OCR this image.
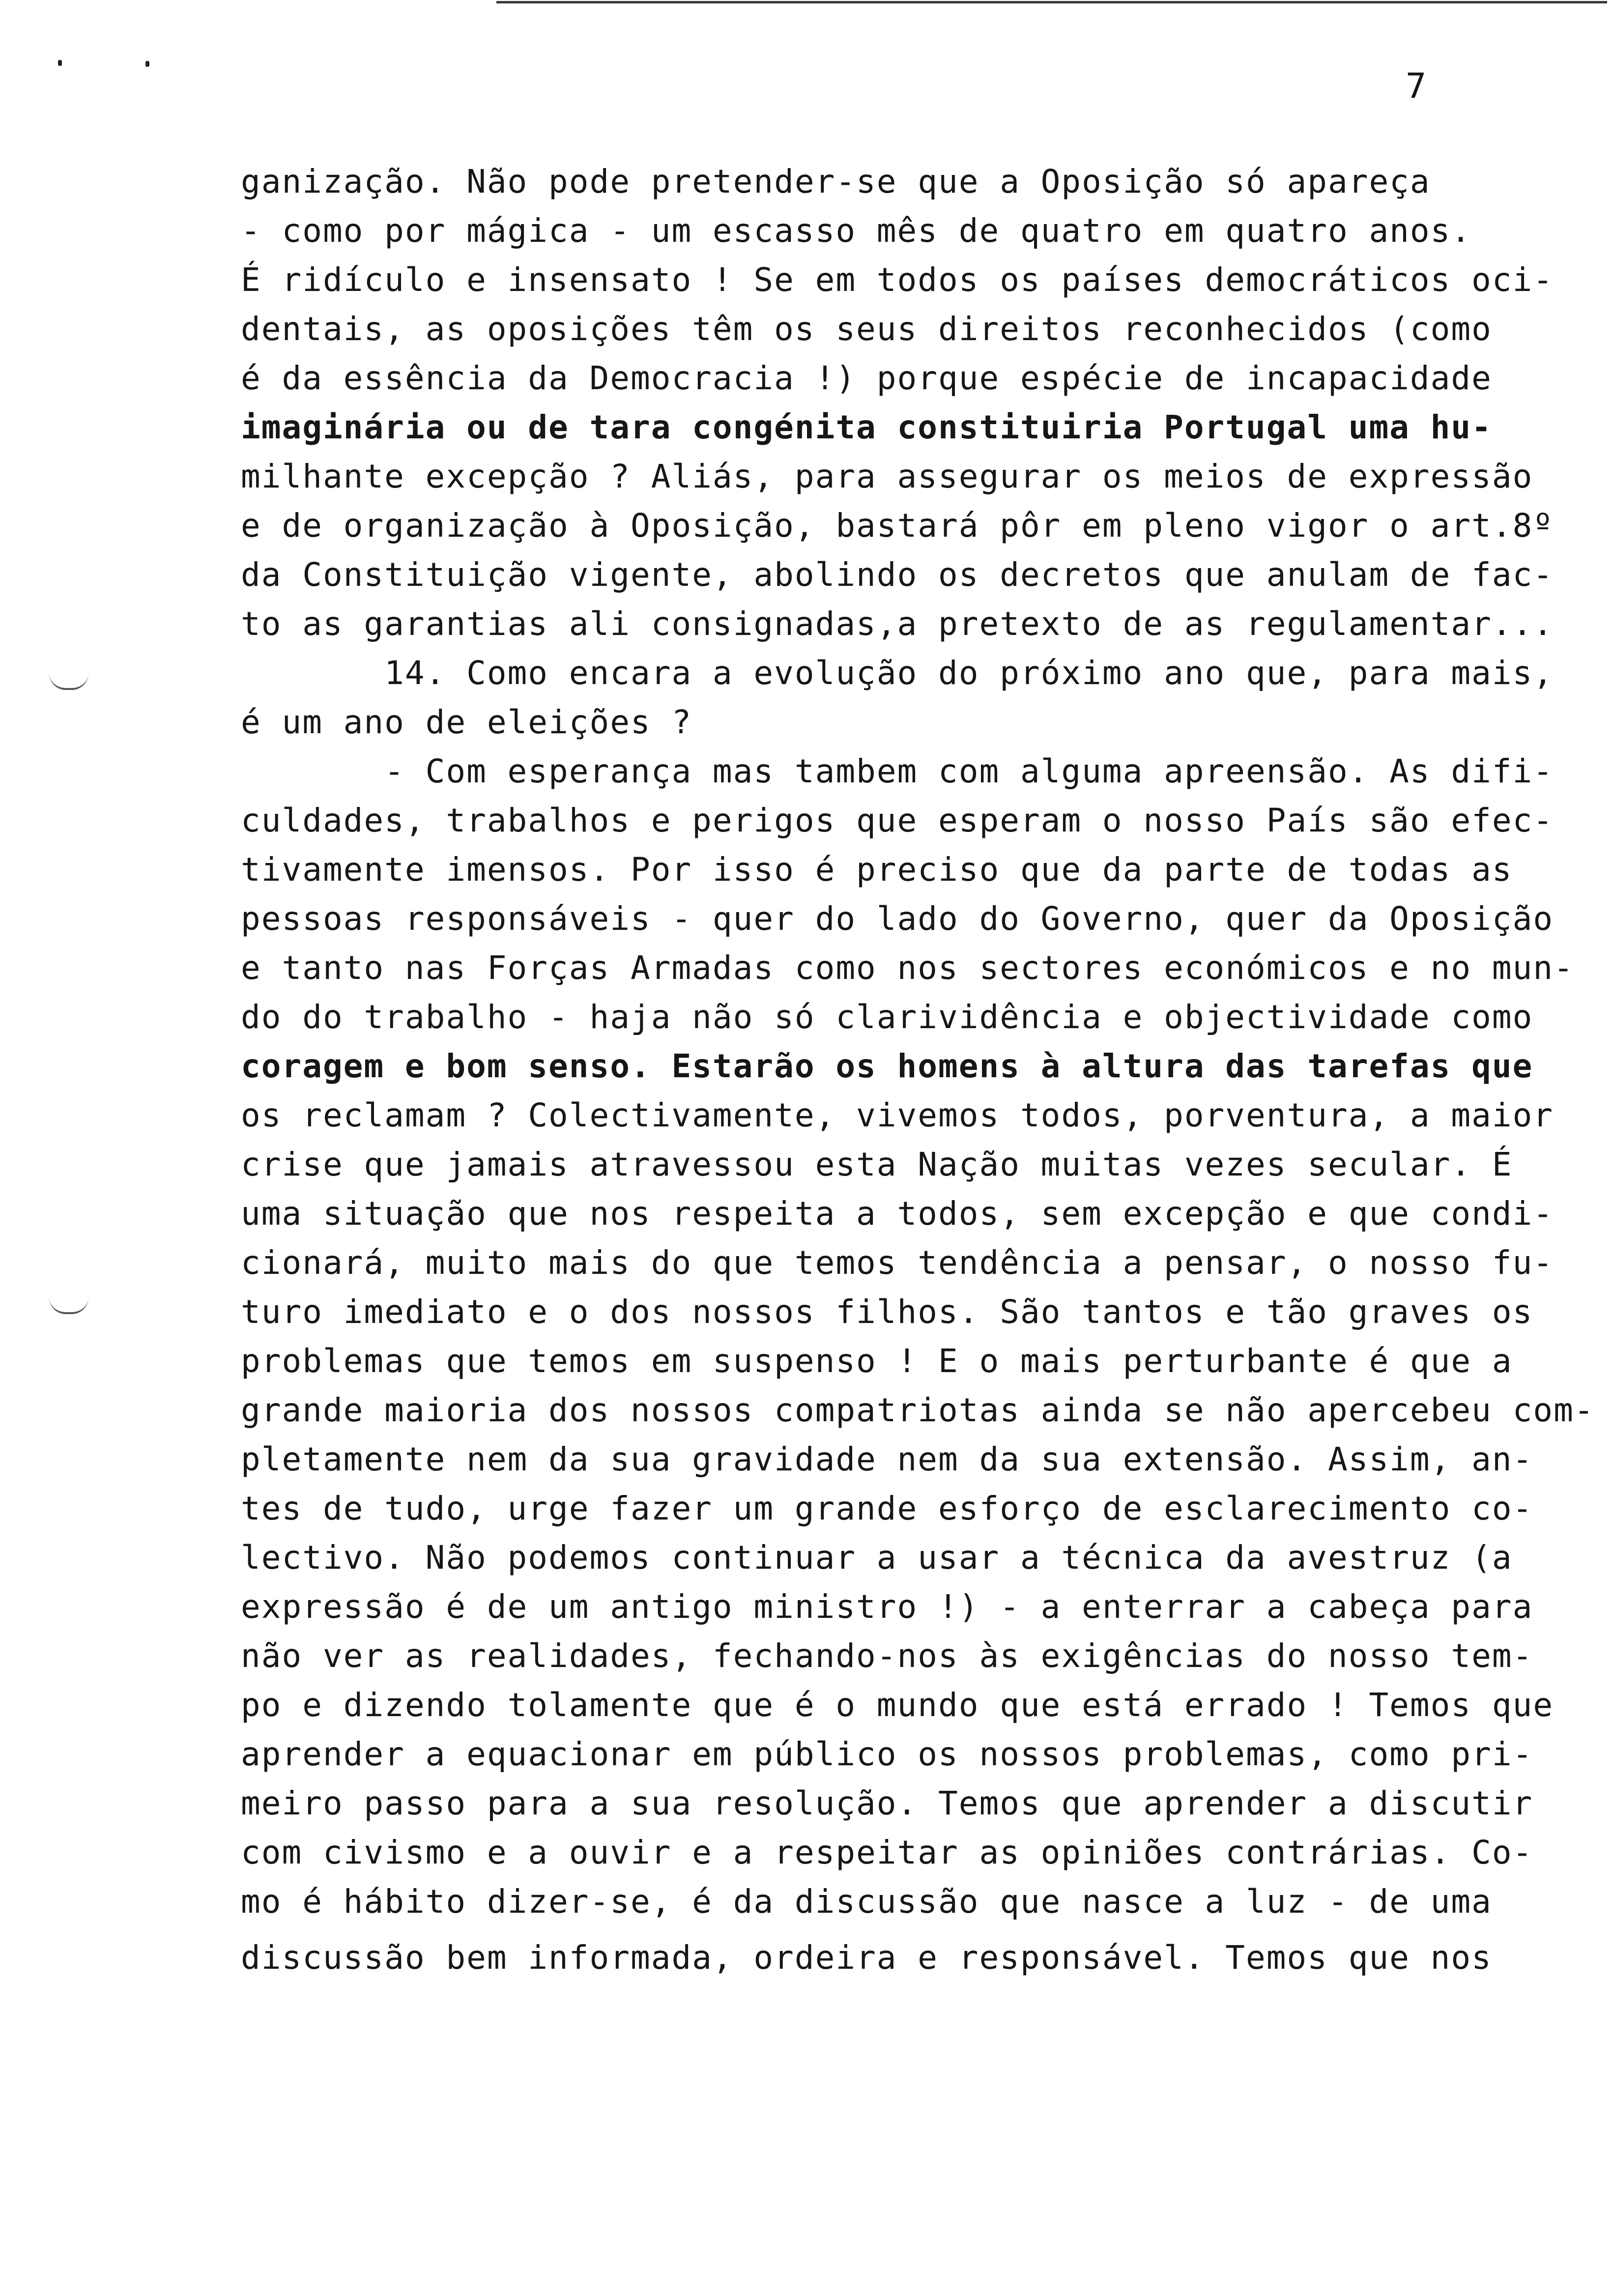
7
ganização. Não pode pretender-se que a Oposição só apareça
- como por mágica - um escasso mês de quatro em quatro anos.
É ridículo e insensato ! Se em todos os países democráticos oci-
dentais, as oposições têm os seus direitos reconhecidos (como
é da essência da Democracia !) porque espécie de incapacidade
imaginária ou de tara congénita constituiria Portugal uma hu-
milhante excepção ? Aliás, para assegurar os meios de expressão
e de organização à Oposição, bastará pôr em pleno vigor o art.8º
da Constituição vigente, abolindo os decretos que anulam de fac-
to as garantias ali consignadas,a pretexto de as regulamentar...
14. Como encara a evolução do próximo ano que, para mais,
é um ano de eleições ?
- Com esperança mas tambem com alguma apreensão. As difi-
culdades, trabalhos e perigos que esperam o nosso País são efec-
tivamente imensos. Por isso é preciso que da parte de todas as
pessoas responsáveis - quer do lado do Governo, quer da Oposição
e tanto nas Forças Armadas como nos sectores económicos e no mun-
do do trabalho - haja não só clarividência e objectividade como
coragem e bom senso. Estarão os homens à altura das tarefas que
os reclamam ? Colectivamente, vivemos todos, porventura, a maior
crise que jamais atravessou esta Nação muitas vezes secular. É
uma situação que nos respeita a todos, sem excepção e que condi-
cionará, muito mais do que temos tendência a pensar, o nosso fu-
turo imediato e o dos nossos filhos. São tantos e tão graves os
problemas que temos em suspenso ! E o mais perturbante é que a
grande maioria dos nossos compatriotas ainda se não apercebeu com-
pletamente nem da sua gravidade nem da sua extensão. Assim, an-
tes de tudo, urge fazer um grande esforço de esclarecimento co-
lectivo. Não podemos continuar a usar a técnica da avestruz (a
expressão é de um antigo ministro !) - a enterrar a cabeça para
não ver as realidades, fechando-nos às exigências do nosso tem-
po e dizendo tolamente que é o mundo que está errado ! Temos que
aprender a equacionar em público os nossos problemas, como pri-
meiro passo para a sua resolução. Temos que aprender a discutir
com civismo e a ouvir e a respeitar as opiniões contrárias. Co-
mo é hábito dizer-se, é da discussão que nasce a luz - de uma
discussão bem informada, ordeira e responsável. Temos que nos
